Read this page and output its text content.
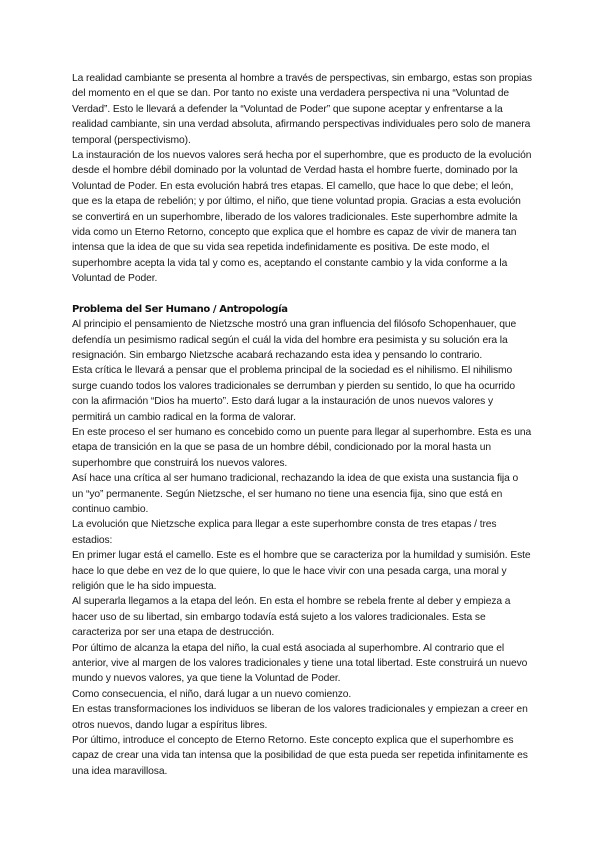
La realidad cambiante se presenta al hombre a través de perspectivas, sin embargo, estas son propias del momento en el que se dan. Por tanto no existe una verdadera perspectiva ni una “Voluntad de Verdad”. Esto le llevará a defender la “Voluntad de Poder” que supone aceptar y enfrentarse a la realidad cambiante, sin una verdad absoluta, afirmando perspectivas individuales pero solo de manera temporal (perspectivismo).

La instauración de los nuevos valores será hecha por el superhombre, que es producto de la evolución desde el hombre débil dominado por la voluntad de Verdad hasta el hombre fuerte, dominado por la Voluntad de Poder. En esta evolución habrá tres etapas. El camello, que hace lo que debe; el león, que es la etapa de rebelión; y por último, el niño, que tiene voluntad propia. Gracias a esta evolución se convertirá en un superhombre, liberado de los valores tradicionales. Este superhombre admite la vida como un Eterno Retorno, concepto que explica que el hombre es capaz de vivir de manera tan intensa que la idea de que su vida sea repetida indefinidamente es positiva. De este modo, el superhombre acepta la vida tal y como es, aceptando el constante cambio y la vida conforme a la Voluntad de Poder.

Problema del Ser Humano / Antropología

Al principio el pensamiento de Nietzsche mostró una gran influencia del filósofo Schopenhauer, que defendía un pesimismo radical según el cuál la vida del hombre era pesimista y su solución era la resignación. Sin embargo Nietzsche acabará rechazando esta idea y pensando lo contrario.

Esta crítica le llevará a pensar que el problema principal de la sociedad es el nihilismo. El nihilismo surge cuando todos los valores tradicionales se derrumban y pierden su sentido, lo que ha ocurrido con la afirmación “Dios ha muerto”. Esto dará lugar a la instauración de unos nuevos valores y permitirá un cambio radical en la forma de valorar.

En este proceso el ser humano es concebido como un puente para llegar al superhombre. Esta es una etapa de transición en la que se pasa de un hombre débil, condicionado por la moral hasta un superhombre que construirá los nuevos valores.

Así hace una crítica al ser humano tradicional, rechazando la idea de que exista una sustancia fija o un “yo” permanente. Según Nietzsche, el ser humano no tiene una esencia fija, sino que está en continuo cambio.

La evolución que Nietzsche explica para llegar a este superhombre consta de tres etapas / tres estadios:

En primer lugar está el camello. Este es el hombre que se caracteriza por la humildad y sumisión. Este hace lo que debe en vez de lo que quiere, lo que le hace vivir con una pesada carga, una moral y religión que le ha sido impuesta.

Al superarla llegamos a la etapa del león. En esta el hombre se rebela frente al deber y empieza a hacer uso de su libertad, sin embargo todavía está sujeto a los valores tradicionales. Esta se caracteriza por ser una etapa de destrucción.

Por último de alcanza la etapa del niño, la cual está asociada al superhombre. Al contrario que el anterior, vive al margen de los valores tradicionales y tiene una total libertad. Este construirá un nuevo mundo y nuevos valores, ya que tiene la Voluntad de Poder.

Como consecuencia, el niño, dará lugar a un nuevo comienzo.

En estas transformaciones los individuos se liberan de los valores tradicionales y empiezan a creer en otros nuevos, dando lugar a espíritus libres.

Por último, introduce el concepto de Eterno Retorno. Este concepto explica que el superhombre es capaz de crear una vida tan intensa que la posibilidad de que esta pueda ser repetida infinitamente es una idea maravillosa.
